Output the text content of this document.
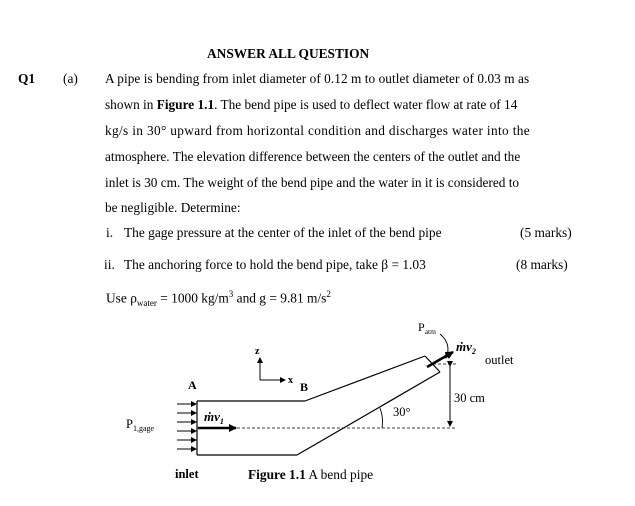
ANSWER ALL QUESTION
Q1 (a) A pipe is bending from inlet diameter of 0.12 m to outlet diameter of 0.03 m as
shown in Figure 1.1. The bend pipe is used to deflect water flow at rate of 14
kg/s in 30° upward from horizontal condition and discharges water into the
atmosphere. The elevation difference between the centers of the outlet and the
inlet is 30 cm. The weight of the bend pipe and the water in it is considered to
be negligible. Determine:
i. The gage pressure at the center of the inlet of the bend pipe	(5 marks)
ii. The anchoring force to hold the bend pipe, take β = 1.03	(8 marks)
Use $\rho_{water} = 1000$ $kg/m^3$ and g = 9.81 $m/s^2$
z
x
A	B
$P_{1,gage}$
ṁv$_1$
$P_{atm}$
ṁv$_2$
outlet
30 cm
30°
inlet	Figure 1.1 A bend pipe
